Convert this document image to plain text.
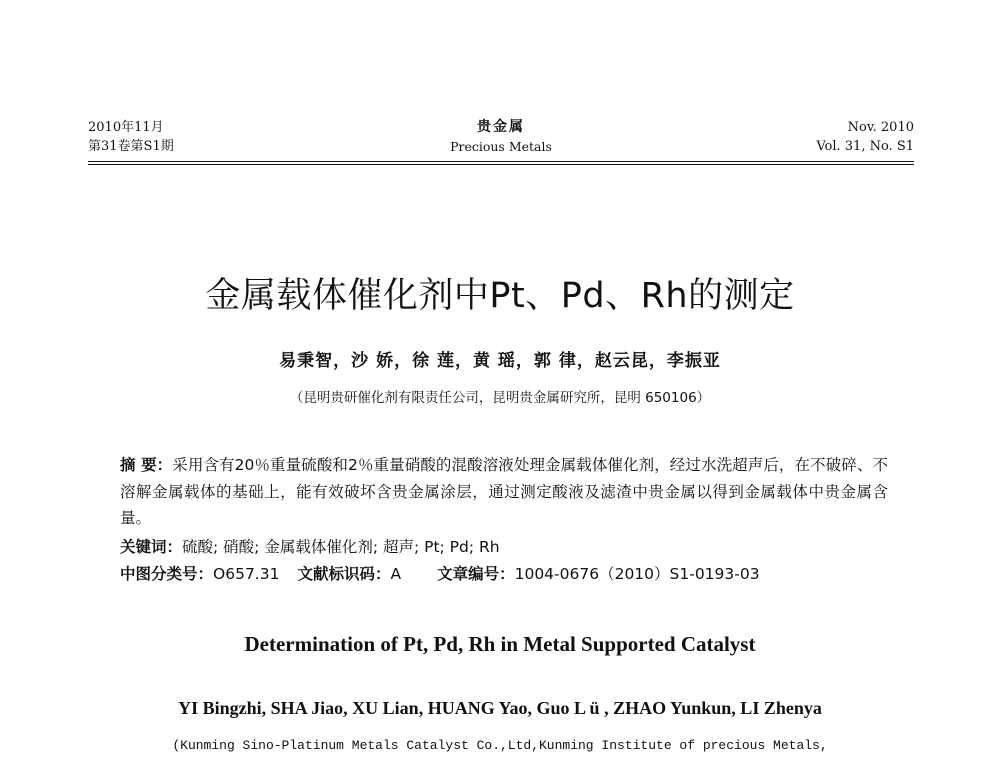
2010年11月
第31卷第S1期
贵金属
Precious Metals
Nov. 2010
Vol. 31, No. S1
金属载体催化剂中Pt、Pd、Rh的测定
易秉智，沙 娇，徐 莲，黄 瑶，郭 律，赵云昆，李振亚
（昆明贵研催化剂有限责任公司，昆明贵金属研究所，昆明 650106）
摘 要：采用含有20％重量硫酸和2％重量硝酸的混酸溶液处理金属载体催化剂，经过水洗超声后，在不破碎、不溶解金属载体的基础上，能有效破坏含贵金属涂层，通过测定酸液及滤渣中贵金属以得到金属载体中贵金属含量。
关键词：硫酸; 硝酸; 金属载体催化剂; 超声; Pt; Pd; Rh
中图分类号：O657.31 文献标识码：A 文章编号：1004-0676（2010）S1-0193-03
Determination of Pt, Pd, Rh in Metal Supported Catalyst
YI Bingzhi, SHA Jiao, XU Lian, HUANG Yao, Guo L ü , ZHAO Yunkun, LI Zhenya
(Kunming Sino-Platinum Metals Catalyst Co.,Ltd,Kunming Institute of precious Metals,
